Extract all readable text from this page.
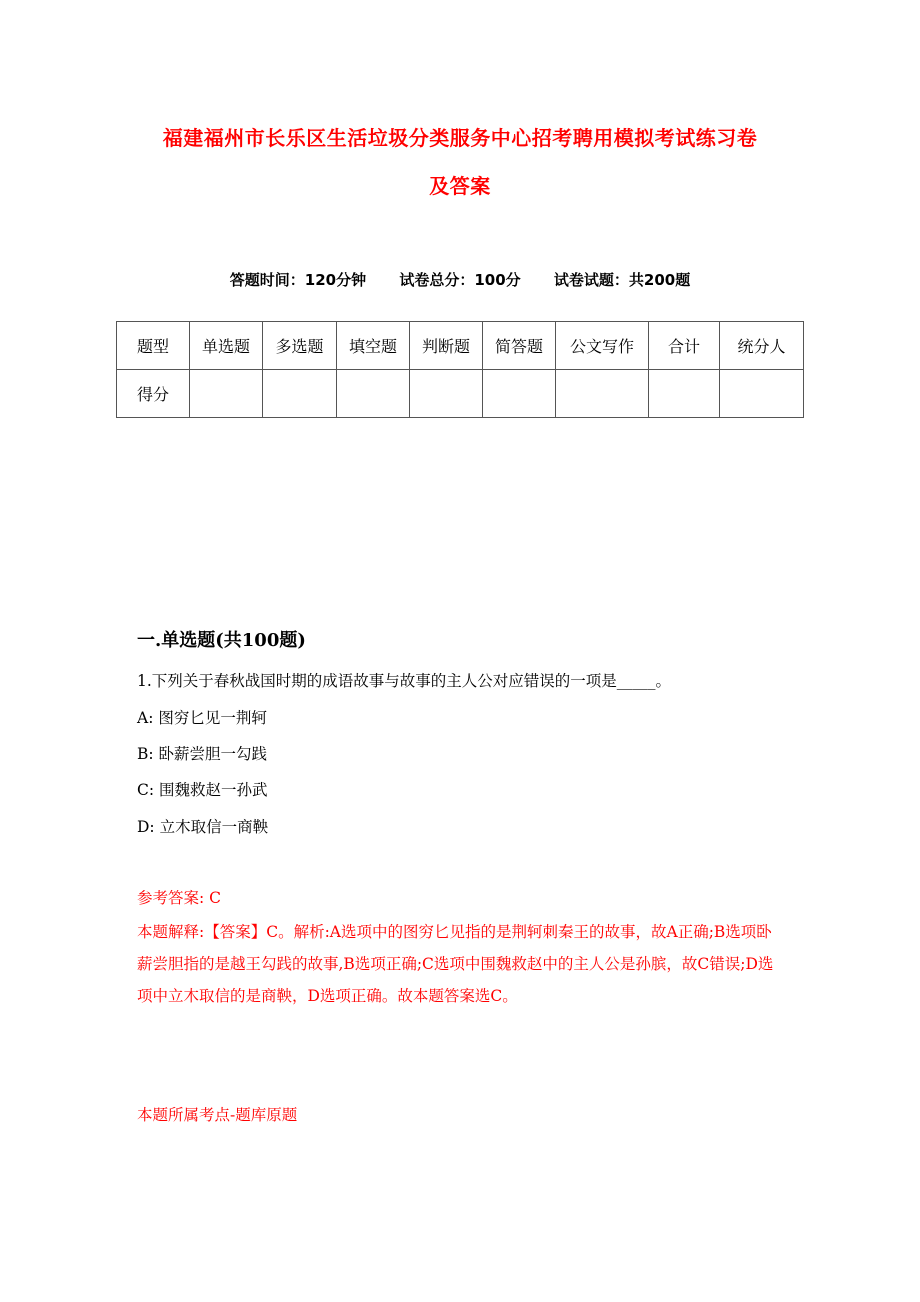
福建福州市长乐区生活垃圾分类服务中心招考聘用模拟考试练习卷
及答案
答题时间：120分钟 试卷总分：100分 试卷试题：共200题
题型	单选题	多选题	填空题	判断题	简答题	公文写作	合计	统分人
得分								
一.单选题(共100题)
1.下列关于春秋战国时期的成语故事与故事的主人公对应错误的一项是_____。
A: 图穷匕见一荆轲
B: 卧薪尝胆一勾践
C: 围魏救赵一孙武
D: 立木取信一商鞅
参考答案: C
本题解释:【答案】C。解析:A选项中的图穷匕见指的是荆轲刺秦王的故事，故A正确;B选项卧薪尝胆指的是越王勾践的故事,B选项正确;C选项中围魏救赵中的主人公是孙膑，故C错误;D选项中立木取信的是商鞅，D选项正确。故本题答案选C。
本题所属考点-题库原题
